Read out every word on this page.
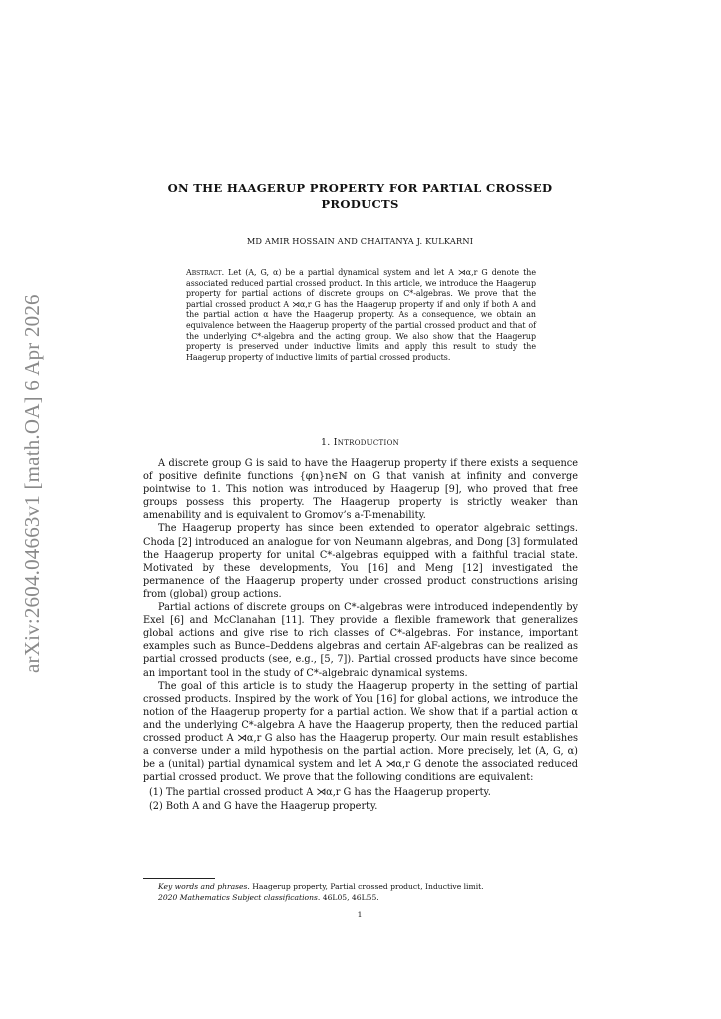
arXiv:2604.04663v1 [math.OA] 6 Apr 2026
ON THE HAAGERUP PROPERTY FOR PARTIAL CROSSED PRODUCTS
MD AMIR HOSSAIN AND CHAITANYA J. KULKARNI
Abstract. Let (A, G, α) be a partial dynamical system and let A ⋊α,r G denote the associated reduced partial crossed product. In this article, we introduce the Haagerup property for partial actions of discrete groups on C*-algebras. We prove that the partial crossed product A ⋊α,r G has the Haagerup property if and only if both A and the partial action α have the Haagerup property. As a consequence, we obtain an equivalence between the Haagerup property of the partial crossed product and that of the underlying C*-algebra and the acting group. We also show that the Haagerup property is preserved under inductive limits and apply this result to study the Haagerup property of inductive limits of partial crossed products.
1. Introduction

A discrete group G is said to have the Haagerup property if there exists a sequence of positive definite functions {φn}n∈ℕ on G that vanish at infinity and converge pointwise to 1. This notion was introduced by Haagerup [9], who proved that free groups possess this property. The Haagerup property is strictly weaker than amenability and is equivalent to Gromov’s a-T-menability.

The Haagerup property has since been extended to operator algebraic settings. Choda [2] introduced an analogue for von Neumann algebras, and Dong [3] formulated the Haagerup property for unital C*-algebras equipped with a faithful tracial state. Motivated by these developments, You [16] and Meng [12] investigated the permanence of the Haagerup property under crossed product constructions arising from (global) group actions.

Partial actions of discrete groups on C*-algebras were introduced independently by Exel [6] and McClanahan [11]. They provide a flexible framework that generalizes global actions and give rise to rich classes of C*-algebras. For instance, important examples such as Bunce–Deddens algebras and certain AF-algebras can be realized as partial crossed products (see, e.g., [5, 7]). Partial crossed products have since become an important tool in the study of C*-algebraic dynamical systems.

The goal of this article is to study the Haagerup property in the setting of partial crossed products. Inspired by the work of You [16] for global actions, we introduce the notion of the Haagerup property for a partial action. We show that if a partial action α and the underlying C*-algebra A have the Haagerup property, then the reduced partial crossed product A ⋊α,r G also has the Haagerup property. Our main result establishes a converse under a mild hypothesis on the partial action. More precisely, let (A, G, α) be a (unital) partial dynamical system and let A ⋊α,r G denote the associated reduced partial crossed product. We prove that the following conditions are equivalent:

(1) The partial crossed product A ⋊α,r G has the Haagerup property.
(2) Both A and G have the Haagerup property.
Key words and phrases. Haagerup property, Partial crossed product, Inductive limit.
2020 Mathematics Subject classifications. 46L05, 46L55.
1
